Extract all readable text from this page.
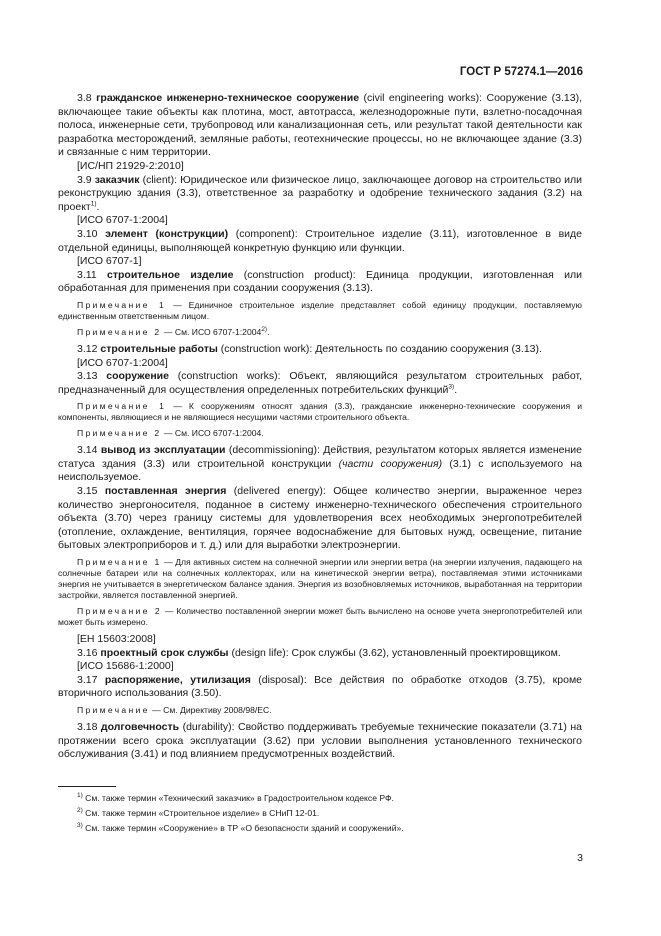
ГОСТ Р 57274.1—2016

3.8 гражданское инженерно-техническое сооружение (civil engineering works): Сооружение (3.13), включающее такие объекты как плотина, мост, автотрасса, железнодорожные пути, взлетно-посадочная полоса, инженерные сети, трубопровод или канализационная сеть, или результат такой деятельности как разработка месторождений, земляные работы, геотехнические процессы, но не включающее здание (3.3) и связанные с ним территории.

[ИС/НП 21929-2:2010]

3.9 заказчик (client): Юридическое или физическое лицо, заключающее договор на строительство или реконструкцию здания (3.3), ответственное за разработку и одобрение технического задания (3.2) на проект$^{1)}$.

[ИСО 6707-1:2004]

3.10 элемент (конструкции) (component): Строительное изделие (3.11), изготовленное в виде отдельной единицы, выполняющей конкретную функцию или функции.

[ИСО 6707-1]

3.11 строительное изделие (construction product): Единица продукции, изготовленная или обработанная для применения при создании сооружения (3.13).

Примечание 1 — Единичное строительное изделие представляет собой единицу продукции, поставляемую единственным ответственным лицом.

Примечание 2 — См. ИСО 6707-1:2004$^{2)}$.

3.12 строительные работы (construction work): Деятельность по созданию сооружения (3.13).

[ИСО 6707-1:2004]

3.13 сооружение (construction works): Объект, являющийся результатом строительных работ, предназначенный для осуществления определенных потребительских функций$^{3)}$.

Примечание 1 — К сооружениям относят здания (3.3), гражданские инженерно-технические сооружения и компоненты, являющиеся и не являющиеся несущими частями строительного объекта.

Примечание 2 — См. ИСО 6707-1:2004.

3.14 вывод из эксплуатации (decommissioning): Действия, результатом которых является изменение статуса здания (3.3) или строительной конструкции (части сооружения) (3.1) с используемого на неиспользуемое.

3.15 поставленная энергия (delivered energy): Общее количество энергии, выраженное через количество энергоносителя, поданное в систему инженерно-технического обеспечения строительного объекта (3.70) через границу системы для удовлетворения всех необходимых энергопотребителей (отопление, охлаждение, вентиляция, горячее водоснабжение для бытовых нужд, освещение, питание бытовых электроприборов и т. д.) или для выработки электроэнергии.

Примечание 1 — Для активных систем на солнечной энергии или энергии ветра (на энергии излучения, падающего на солнечные батареи или на солнечных коллекторах, или на кинетической энергии ветра), поставляемая этими источниками энергия не учитывается в энергетическом балансе здания. Энергия из возобновляемых источников, выработанная на территории застройки, является поставленной энергией.

Примечание 2 — Количество поставленной энергии может быть вычислено на основе учета энергопотребителей или может быть измерено.

[ЕН 15603:2008]

3.16 проектный срок службы (design life): Срок службы (3.62), установленный проектировщиком.

[ИСО 15686-1:2000]

3.17 распоряжение, утилизация (disposal): Все действия по обработке отходов (3.75), кроме вторичного использования (3.50).

Примечание — См. Директиву 2008/98/ЕС.

3.18 долговечность (durability): Свойство поддерживать требуемые технические показатели (3.71) на протяжении всего срока эксплуатации (3.62) при условии выполнения установленного технического обслуживания (3.41) и под влиянием предусмотренных воздействий.

$^{1)}$ См. также термин «Технический заказчик» в Градостроительном кодексе РФ.
$^{2)}$ См. также термин «Строительное изделие» в СНиП 12-01.
$^{3)}$ См. также термин «Сооружение» в ТР «О безопасности зданий и сооружений».
3
